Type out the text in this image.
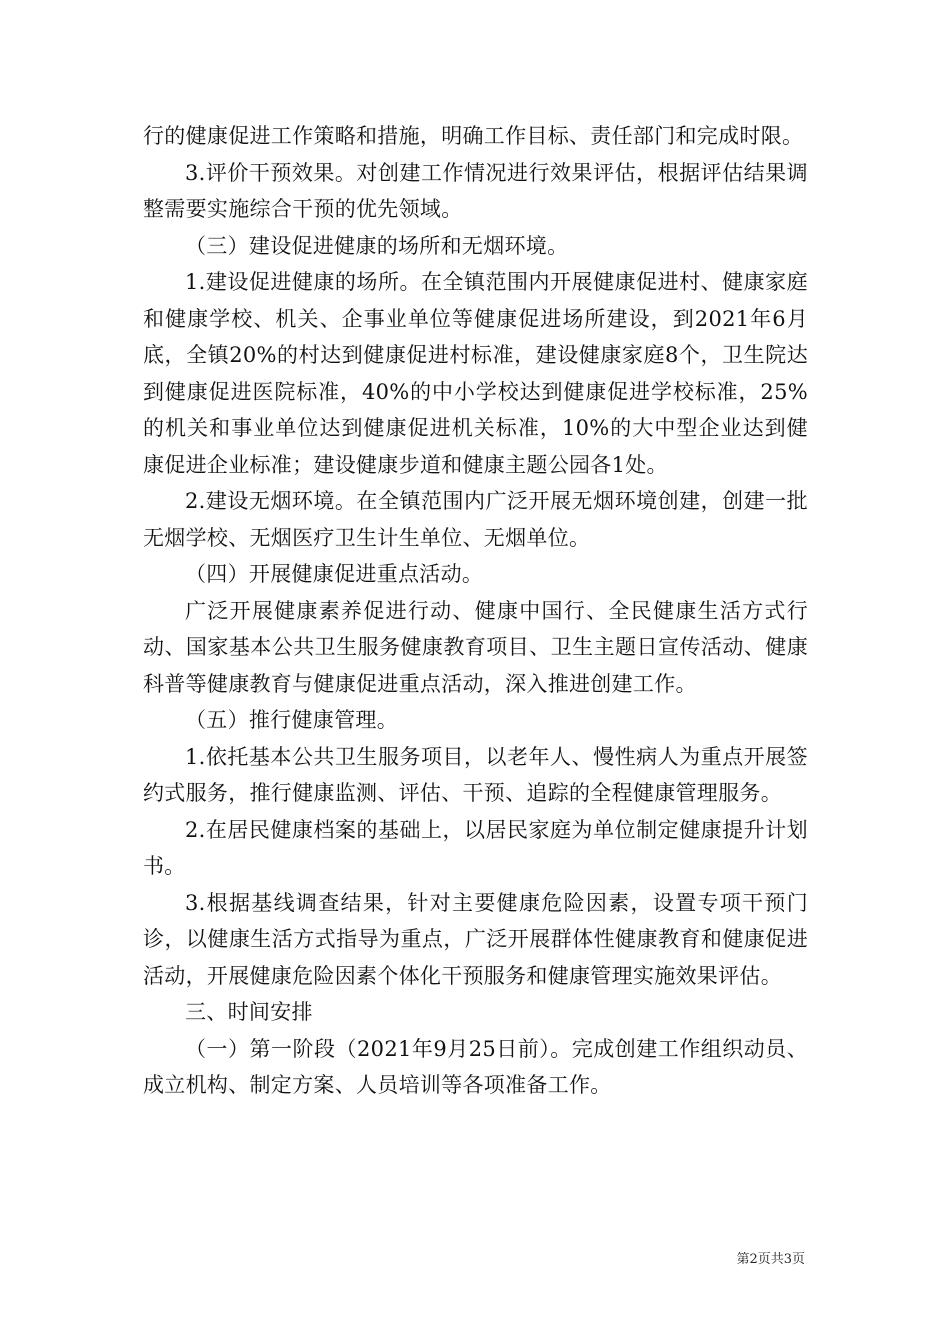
行的健康促进工作策略和措施，明确工作目标、责任部门和完成时限。

3.评价干预效果。对创建工作情况进行效果评估，根据评估结果调整需要实施综合干预的优先领域。

（三）建设促进健康的场所和无烟环境。

1.建设促进健康的场所。在全镇范围内开展健康促进村、健康家庭和健康学校、机关、企事业单位等健康促进场所建设，到2021年6月底，全镇20%的村达到健康促进村标准，建设健康家庭8个，卫生院达到健康促进医院标准，40%的中小学校达到健康促进学校标准，25%的机关和事业单位达到健康促进机关标准，10%的大中型企业达到健康促进企业标准；建设健康步道和健康主题公园各1处。

2.建设无烟环境。在全镇范围内广泛开展无烟环境创建，创建一批无烟学校、无烟医疗卫生计生单位、无烟单位。

（四）开展健康促进重点活动。

广泛开展健康素养促进行动、健康中国行、全民健康生活方式行动、国家基本公共卫生服务健康教育项目、卫生主题日宣传活动、健康科普等健康教育与健康促进重点活动，深入推进创建工作。

（五）推行健康管理。

1.依托基本公共卫生服务项目，以老年人、慢性病人为重点开展签约式服务，推行健康监测、评估、干预、追踪的全程健康管理服务。

2.在居民健康档案的基础上，以居民家庭为单位制定健康提升计划书。

3.根据基线调查结果，针对主要健康危险因素，设置专项干预门诊，以健康生活方式指导为重点，广泛开展群体性健康教育和健康促进活动，开展健康危险因素个体化干预服务和健康管理实施效果评估。

三、时间安排

（一）第一阶段（2021年9月25日前）。完成创建工作组织动员、成立机构、制定方案、人员培训等各项准备工作。

第2页共3页
